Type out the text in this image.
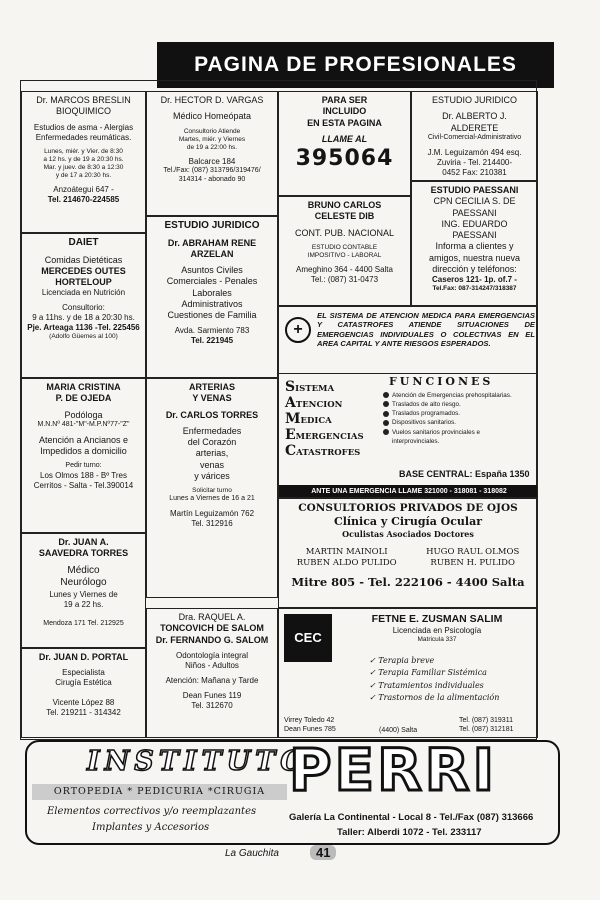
PAGINA DE PROFESIONALES
Dr. MARCOS BRESLIN
BIOQUIMICO
Estudios de asma - Alergias
Enfermedades reumáticas.
Lunes, miér. y Vier. de 8:30
a 12 hs. y de 19 a 20:30 hs.
Mar. y juev. de 8:30 a 12:30
y de 17 a 20:30 hs.
Anzoátegui 647 -
Tel. 214670-224585
DAIET
Comidas Dietéticas
MERCEDES OUTES
HORTELOUP
Licenciada en Nutrición
Consultorio:
9 a 11hs. y de 18 a 20:30 hs.
Pje. Arteaga 1136 -Tel. 225456
(Adolfo Güemes al 100)
MARIA CRISTINA
P. DE OJEDA
Podóloga
M.N.Nº 481-"M"-M.P.Nº77-"Z"
Atención a Ancianos e
Impedidos a domicilio
Pedir turno:
Los Olmos 188 - Bº Tres
Cerritos - Salta - Tel.390014
Dr. JUAN A.
SAAVEDRA TORRES
Médico
Neurólogo
Lunes y Viernes de
19 a 22 hs.
Mendoza 171 Tel. 212925
Dr. JUAN D. PORTAL
Especialista
Cirugía Estética
Vicente López 88
Tel. 219211 - 314342
Dr. HECTOR D. VARGAS
Médico Homeópata
Consultorio Atiende
Martes, miér. y Viernes
de 19 a 22:00 hs.
Balcarce 184
Tel./Fax: (087) 313796/319476/
314314 - abonado 90
ESTUDIO JURIDICO
Dr. ABRAHAM RENE
ARZELAN
Asuntos Civiles
Comerciales - Penales
Laborales
Administrativos
Cuestiones de Familia
Avda. Sarmiento 783
Tel. 221945
ARTERIAS
Y VENAS
Dr. CARLOS TORRES
Enfermedades
del Corazón
arterias,
venas
y várices
Solicitar turno
Lunes a Viernes de 16 a 21
Martín Leguizamón 762
Tel. 312916
Dra. RAQUEL A.
TONCOVICH DE SALOM
Dr. FERNANDO G. SALOM
Odontología integral
Niños - Adultos
Atención: Mañana y Tarde
Dean Funes 119
Tel. 312670
PARA SER
INCLUIDO
EN ESTA PAGINA
LLAME AL
395064
BRUNO CARLOS
CELESTE DIB
CONT. PUB. NACIONAL
ESTUDIO CONTABLE
IMPOSITIVO - LABORAL
Ameghino 364 - 4400 Salta
Tel.: (087) 31-0473
ESTUDIO JURIDICO
Dr. ALBERTO J.
ALDERETE
Civil-Comercial-Administrativo
J.M. Leguizamón 494 esq.
Zuviria - Tel. 214400-
0452 Fax: 210381
ESTUDIO PAESSANI
CPN CECILIA S. DE
PAESSANI
ING. EDUARDO
PAESSANI
Informa a clientes y
amigos, nuestra nueva
dirección y teléfonos:
Caseros 121- 1p. of.7 -
Tel.Fax: 087-314247/318387
+
EL SISTEMA DE ATENCION MEDICA PARA EMERGENCIAS Y CATASTROFES ATIENDE SITUACIONES DE EMERGENCIAS INDIVIDUALES O COLECTIVAS EN EL AREA CAPITAL Y ANTE RIESGOS ESPERADOS.
SISTEMA
ATENCION
MEDICA
EMERGENCIAS
CATASTROFES
FUNCIONES
Atención de Emergencias prehospitalarias.
Traslados de alto riesgo.
Traslados programados.
Dispositivos sanitarios.
Vuelos sanitarios provinciales e
interprovinciales.
BASE CENTRAL: España 1350
ANTE UNA EMERGENCIA LLAME 321000 - 318081 - 318082
CONSULTORIOS PRIVADOS DE OJOS
Clínica y Cirugía Ocular
Oculistas Asociados Doctores
MARTIN MAINOLI
RUBEN ALDO PULIDO
HUGO RAUL OLMOS
RUBEN H. PULIDO
Mitre 805 - Tel. 222106 - 4400 Salta
CEC
FETNE E. ZUSMAN SALIM
Licenciada en Psicología
Matricula 337
✓ Terapia breve
✓ Terapia Familiar Sistémica
✓ Tratamientos individuales
✓ Trastornos de la alimentación
Virrey Toledo 42
Dean Funes 785	(4400) Salta
Tel. (087) 319311
Tel. (087) 312181
INSTITUTO
ORTOPEDIA * PEDICURIA *CIRUGIA
Elementos correctivos y/o reemplazantes
Implantes y Accesorios
PERRI
Galería La Continental - Local 8 - Tel./Fax (087) 313666
Taller: Alberdi 1072 - Tel. 233117
La Gauchita	41
